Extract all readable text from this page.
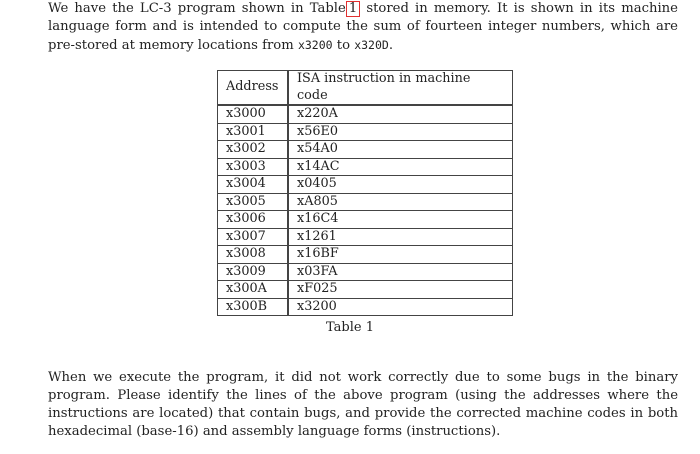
We have the LC-3 program shown in Table 1 stored in memory. It is shown in its machine language form and is intended to compute the sum of fourteen integer numbers, which are pre-stored at memory locations from x3200 to x320D.

Address	ISA instruction in machine code
x3000	x220A
x3001	x56E0
x3002	x54A0
x3003	x14AC
x3004	x0405
x3005	xA805
x3006	x16C4
x3007	x1261
x3008	x16BF
x3009	x03FA
x300A	xF025
x300B	x3200
Table 1

When we execute the program, it did not work correctly due to some bugs in the binary program. Please identify the lines of the above program (using the addresses where the instructions are located) that contain bugs, and provide the corrected machine codes in both hexadecimal (base-16) and assembly language forms (instructions).
